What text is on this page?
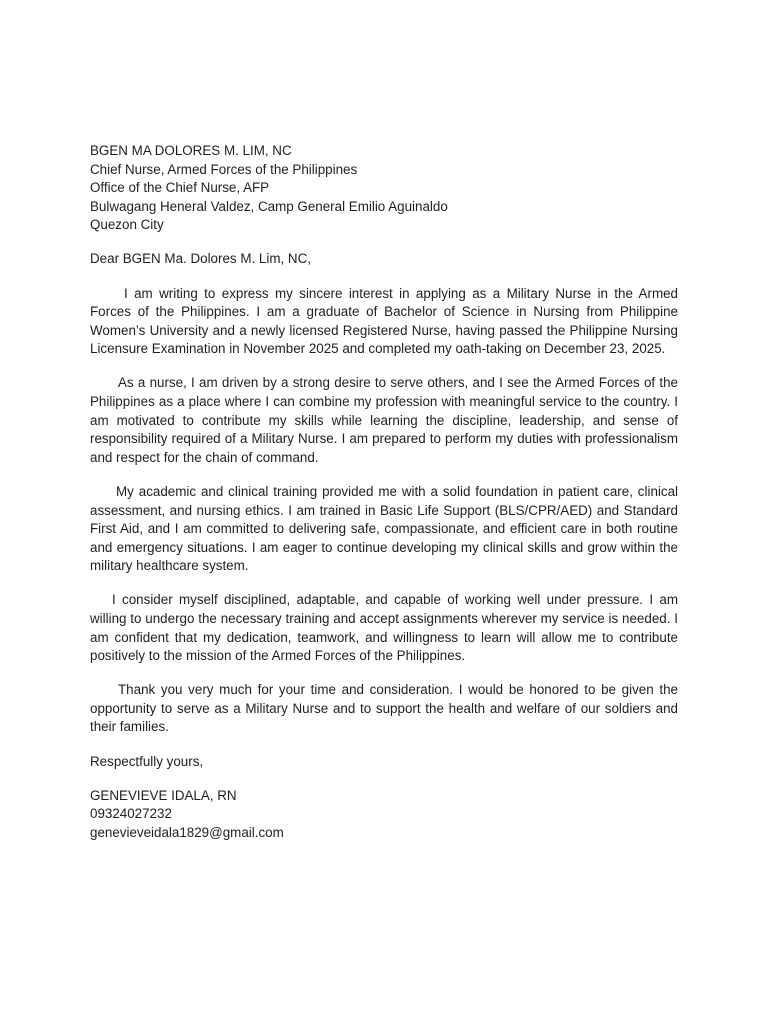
BGEN MA DOLORES M. LIM, NC
Chief Nurse, Armed Forces of the Philippines
Office of the Chief Nurse, AFP
Bulwagang Heneral Valdez, Camp General Emilio Aguinaldo
Quezon City

Dear BGEN Ma. Dolores M. Lim, NC,

I am writing to express my sincere interest in applying as a Military Nurse in the Armed Forces of the Philippines. I am a graduate of Bachelor of Science in Nursing from Philippine Women’s University and a newly licensed Registered Nurse, having passed the Philippine Nursing Licensure Examination in November 2025 and completed my oath-taking on December 23, 2025.

As a nurse, I am driven by a strong desire to serve others, and I see the Armed Forces of the Philippines as a place where I can combine my profession with meaningful service to the country. I am motivated to contribute my skills while learning the discipline, leadership, and sense of responsibility required of a Military Nurse. I am prepared to perform my duties with professionalism and respect for the chain of command.

My academic and clinical training provided me with a solid foundation in patient care, clinical assessment, and nursing ethics. I am trained in Basic Life Support (BLS/CPR/AED) and Standard First Aid, and I am committed to delivering safe, compassionate, and efficient care in both routine and emergency situations. I am eager to continue developing my clinical skills and grow within the military healthcare system.

I consider myself disciplined, adaptable, and capable of working well under pressure. I am willing to undergo the necessary training and accept assignments wherever my service is needed. I am confident that my dedication, teamwork, and willingness to learn will allow me to contribute positively to the mission of the Armed Forces of the Philippines.

Thank you very much for your time and consideration. I would be honored to be given the opportunity to serve as a Military Nurse and to support the health and welfare of our soldiers and their families.

Respectfully yours,

GENEVIEVE IDALA, RN
09324027232
genevieveidala1829@gmail.com
